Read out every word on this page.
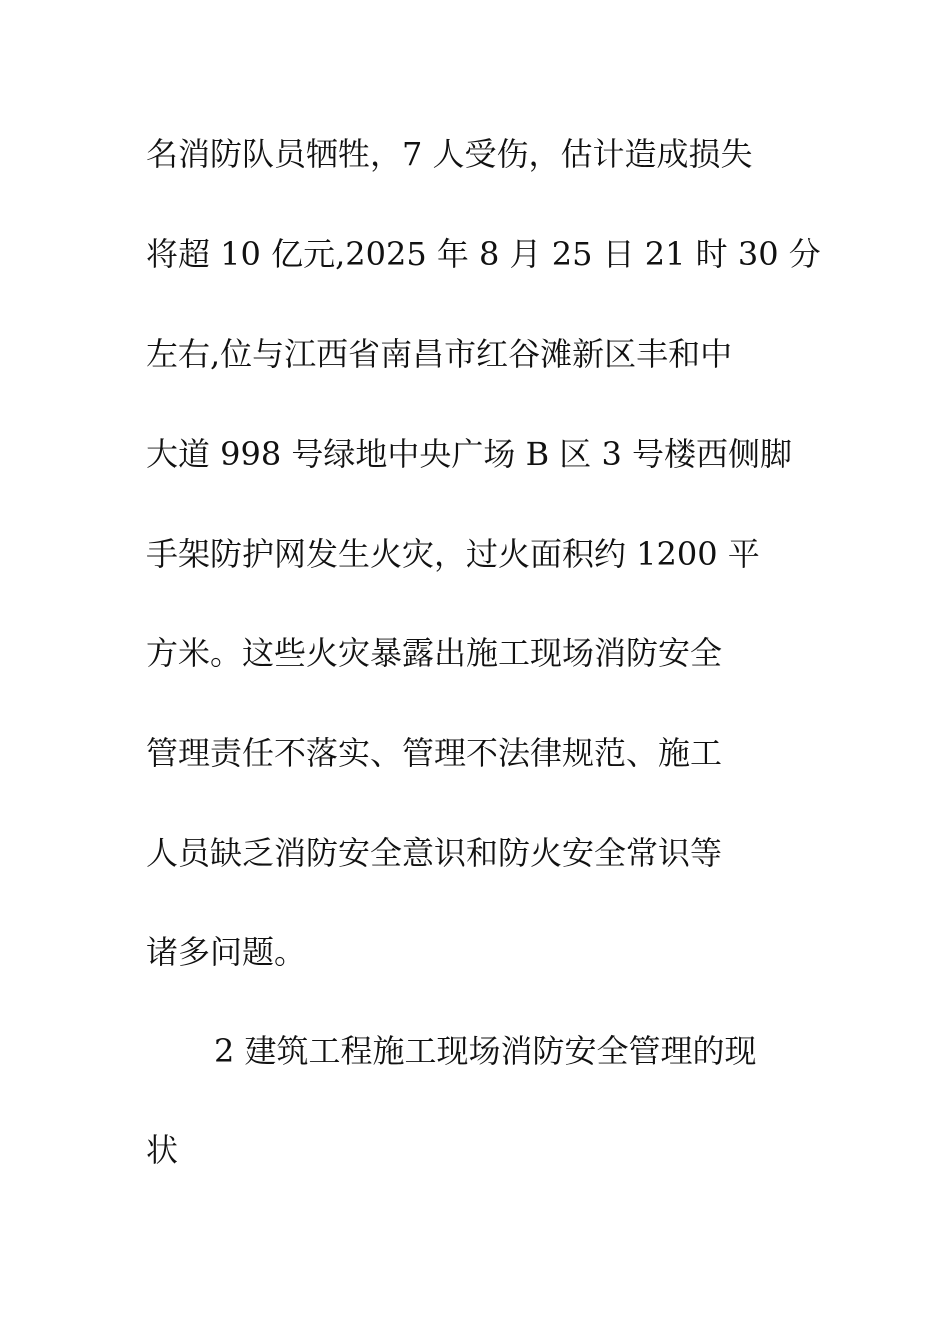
名消防队员牺牲，7 人受伤，估计造成损失
将超 10 亿元,2025 年 8 月 25 日 21 时 30 分
左右,位与江西省南昌市红谷滩新区丰和中
大道 998 号绿地中央广场 B 区 3 号楼西侧脚
手架防护网发生火灾，过火面积约 1200 平
方米。这些火灾暴露出施工现场消防安全
管理责任不落实、管理不法律规范、施工
人员缺乏消防安全意识和防火安全常识等
诸多问题。
2 建筑工程施工现场消防安全管理的现
状
